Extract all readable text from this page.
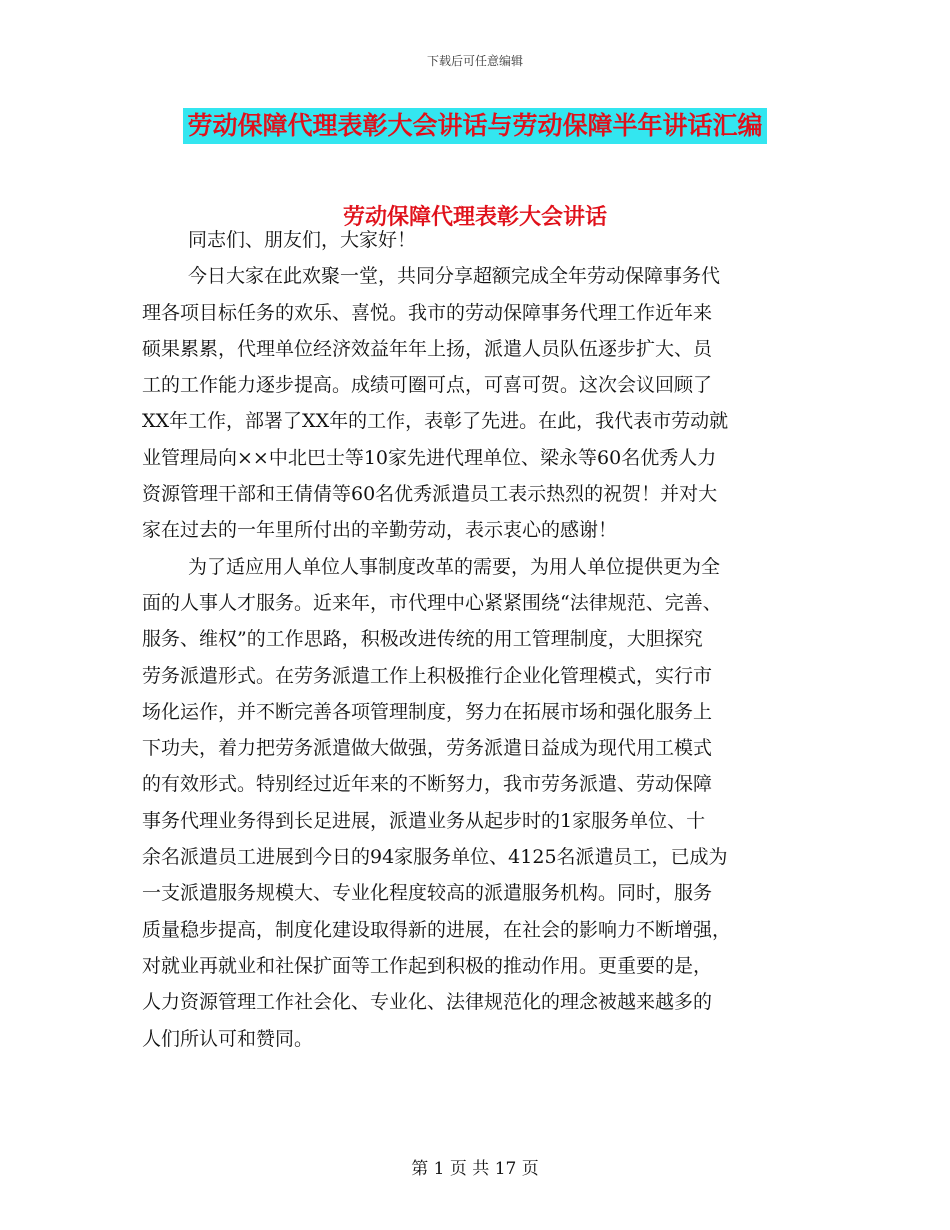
下载后可任意编辑
劳动保障代理表彰大会讲话与劳动保障半年讲话汇编
劳动保障代理表彰大会讲话

同志们、朋友们，大家好！

今日大家在此欢聚一堂，共同分享超额完成全年劳动保障事务代
理各项目标任务的欢乐、喜悦。我市的劳动保障事务代理工作近年来
硕果累累，代理单位经济效益年年上扬，派遣人员队伍逐步扩大、员
工的工作能力逐步提高。成绩可圈可点，可喜可贺。这次会议回顾了
XX年工作，部署了XX年的工作，表彰了先进。在此，我代表市劳动就
业管理局向××中北巴士等10家先进代理单位、梁永等60名优秀人力
资源管理干部和王倩倩等60名优秀派遣员工表示热烈的祝贺！并对大
家在过去的一年里所付出的辛勤劳动，表示衷心的感谢！

为了适应用人单位人事制度改革的需要，为用人单位提供更为全
面的人事人才服务。近来年，市代理中心紧紧围绕“法律规范、完善、
服务、维权”的工作思路，积极改进传统的用工管理制度，大胆探究
劳务派遣形式。在劳务派遣工作上积极推行企业化管理模式，实行市
场化运作，并不断完善各项管理制度，努力在拓展市场和强化服务上
下功夫，着力把劳务派遣做大做强，劳务派遣日益成为现代用工模式
的有效形式。特别经过近年来的不断努力，我市劳务派遣、劳动保障
事务代理业务得到长足进展，派遣业务从起步时的1家服务单位、十
余名派遣员工进展到今日的94家服务单位、4125名派遣员工，已成为
一支派遣服务规模大、专业化程度较高的派遣服务机构。同时，服务
质量稳步提高，制度化建设取得新的进展，在社会的影响力不断增强，
对就业再就业和社保扩面等工作起到积极的推动作用。更重要的是，
人力资源管理工作社会化、专业化、法律规范化的理念被越来越多的
人们所认可和赞同。

第 1 页 共 17 页
